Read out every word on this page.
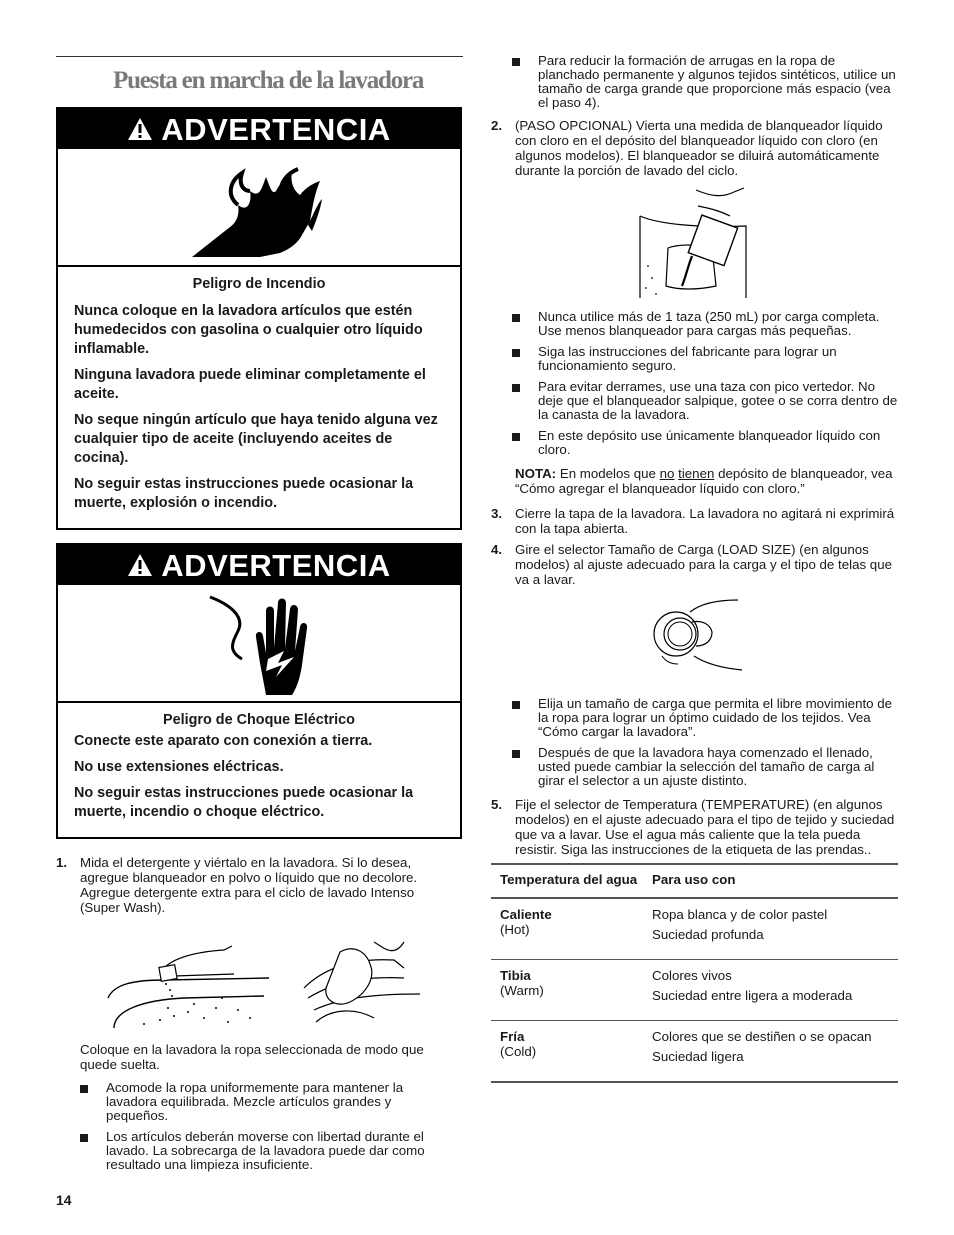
Puesta en marcha de la lavadora
ADVERTENCIA
Peligro de Incendio

Nunca coloque en la lavadora artículos que estén humedecidos con gasolina o cualquier otro líquido inflamable.

Ninguna lavadora puede eliminar completamente el aceite.

No seque ningún artículo que haya tenido alguna vez cualquier tipo de aceite (incluyendo aceites de cocina).

No seguir estas instrucciones puede ocasionar la muerte, explosión o incendio.

ADVERTENCIA
Peligro de Choque Eléctrico

Conecte este aparato con conexión a tierra.

No use extensiones eléctricas.

No seguir estas instrucciones puede ocasionar la muerte, incendio o choque eléctrico.

1. Mida el detergente y viértalo en la lavadora. Si lo desea, agregue blanqueador en polvo o líquido que no decolore. Agregue detergente extra para el ciclo de lavado Intenso (Super Wash).
Coloque en la lavadora la ropa seleccionada de modo que quede suelta.
Acomode la ropa uniformemente para mantener la lavadora equilibrada. Mezcle artículos grandes y pequeños.
Los artículos deberán moverse con libertad durante el lavado. La sobrecarga de la lavadora puede dar como resultado una limpieza insuficiente.
14
Para reducir la formación de arrugas en la ropa de planchado permanente y algunos tejidos sintéticos, utilice un tamaño de carga grande que proporcione más espacio (vea el paso 4).
2. (PASO OPCIONAL) Vierta una medida de blanqueador líquido con cloro en el depósito del blanqueador líquido con cloro (en algunos modelos). El blanqueador se diluirá automáticamente durante la porción de lavado del ciclo.
Nunca utilice más de 1 taza (250 mL) por carga completa. Use menos blanqueador para cargas más pequeñas.
Siga las instrucciones del fabricante para lograr un funcionamiento seguro.
Para evitar derrames, use una taza con pico vertedor. No deje que el blanqueador salpique, gotee o se corra dentro de la canasta de la lavadora.
En este depósito use únicamente blanqueador líquido con cloro.
NOTA: En modelos que no tienen depósito de blanqueador, vea “Cómo agregar el blanqueador líquido con cloro.”
3. Cierre la tapa de la lavadora. La lavadora no agitará ni exprimirá con la tapa abierta.
4. Gire el selector Tamaño de Carga (LOAD SIZE) (en algunos modelos) al ajuste adecuado para la carga y el tipo de telas que va a lavar.
Elija un tamaño de carga que permita el libre movimiento de la ropa para lograr un óptimo cuidado de los tejidos. Vea “Cómo cargar la lavadora”.
Después de que la lavadora haya comenzado el llenado, usted puede cambiar la selección del tamaño de carga al girar el selector a un ajuste distinto.
5. Fije el selector de Temperatura (TEMPERATURE) (en algunos modelos) en el ajuste adecuado para el tipo de tejido y suciedad que va a lavar. Use el agua más caliente que la tela pueda resistir. Siga las instrucciones de la etiqueta de las prendas..
Temperatura del agua	Para uso con
Caliente
(Hot)
Ropa blanca y de color pastel
Suciedad profunda
Tibia
(Warm)
Colores vivos
Suciedad entre ligera a moderada
Fría
(Cold)
Colores que se destiñen o se opacan
Suciedad ligera
